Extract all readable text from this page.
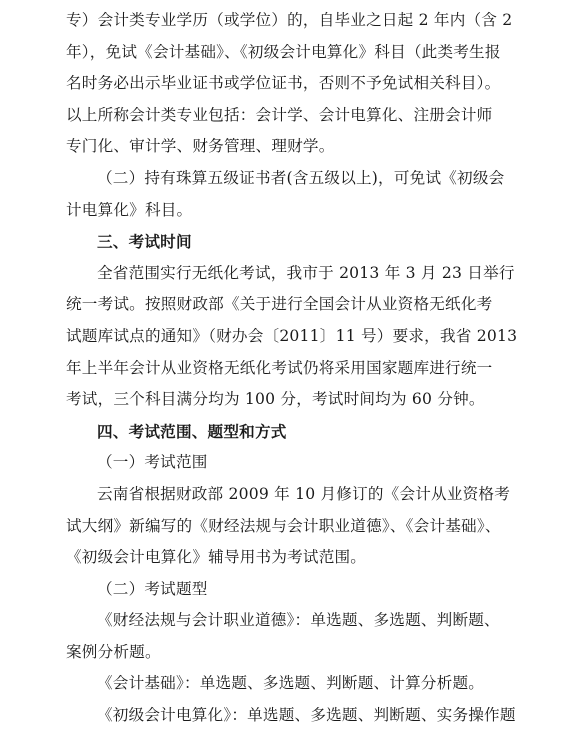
专）会计类专业学历（或学位）的，自毕业之日起 2 年内（含 2
年），免试《会计基础》、《初级会计电算化》科目（此类考生报
名时务必出示毕业证书或学位证书，否则不予免试相关科目）。
以上所称会计类专业包括：会计学、会计电算化、注册会计师
专门化、审计学、财务管理、理财学。
（二）持有珠算五级证书者(含五级以上)，可免试《初级会
计电算化》科目。
三、考试时间
全省范围实行无纸化考试，我市于 2013 年 3 月 23 日举行
统一考试。按照财政部《关于进行全国会计从业资格无纸化考
试题库试点的通知》（财办会〔2011〕11 号）要求，我省 2013
年上半年会计从业资格无纸化考试仍将采用国家题库进行统一
考试，三个科目满分均为 100 分，考试时间均为 60 分钟。
四、考试范围、题型和方式
（一）考试范围
云南省根据财政部 2009 年 10 月修订的《会计从业资格考
试大纲》新编写的《财经法规与会计职业道德》、《会计基础》、
《初级会计电算化》辅导用书为考试范围。
（二）考试题型
《财经法规与会计职业道德》：单选题、多选题、判断题、
案例分析题。
《会计基础》：单选题、多选题、判断题、计算分析题。
《初级会计电算化》：单选题、多选题、判断题、实务操作题
